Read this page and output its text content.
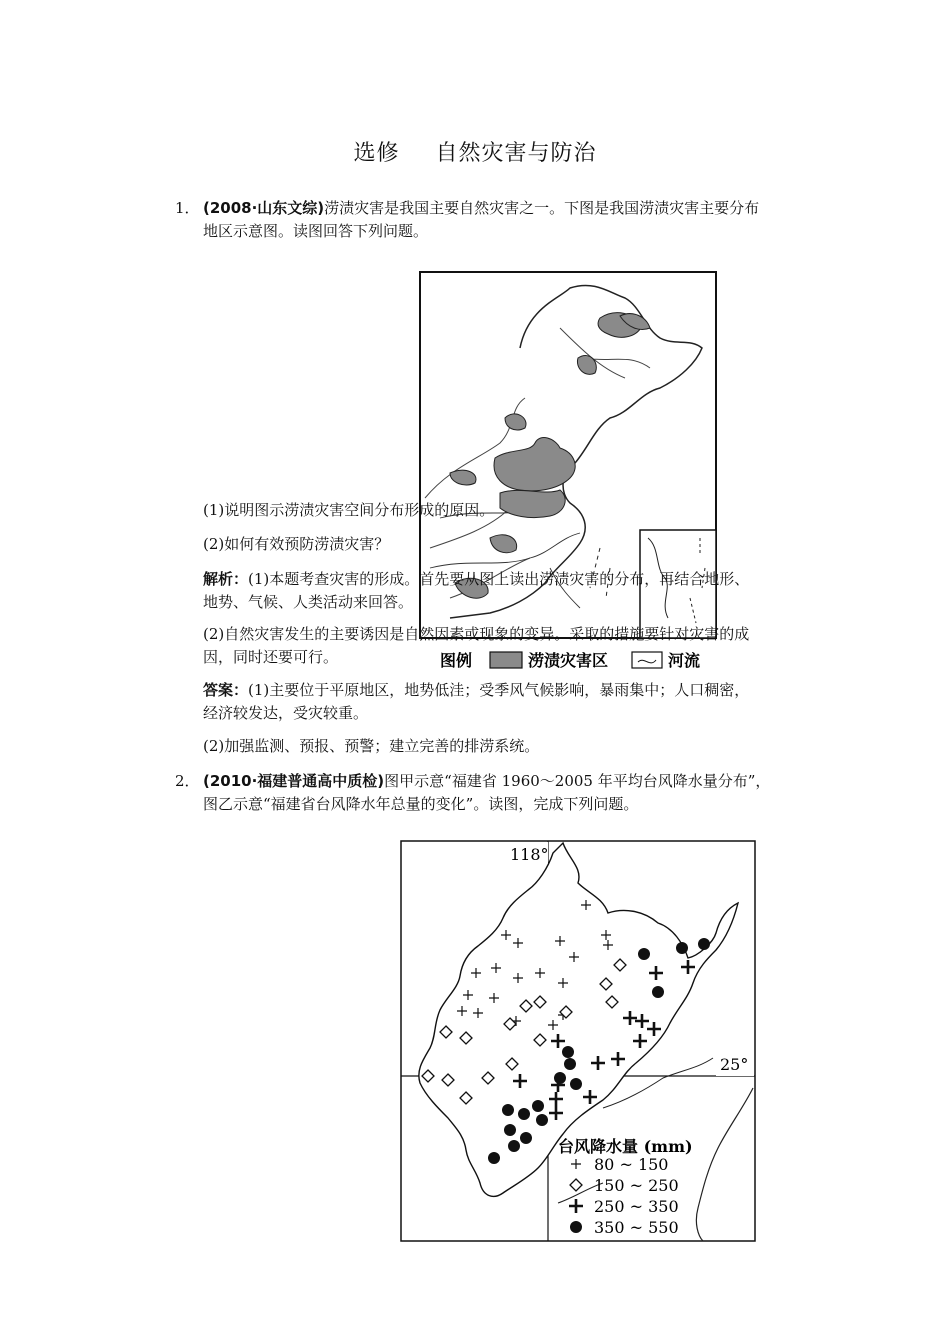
选修 自然灾害与防治
1． (2008·山东文综)涝渍灾害是我国主要自然灾害之一。下图是我国涝渍灾害主要分布
地区示意图。读图回答下列问题。
图例	涝渍灾害区	河流
(1)说明图示涝渍灾害空间分布形成的原因。
(2)如何有效预防涝渍灾害？
解析：(1)本题考查灾害的形成。首先要从图上读出涝渍灾害的分布，再结合地形、
地势、气候、人类活动来回答。
(2)自然灾害发生的主要诱因是自然因素或现象的变异。采取的措施要针对灾害的成
因，同时还要可行。
答案：(1)主要位于平原地区，地势低洼；受季风气候影响，暴雨集中；人口稠密，
经济较发达，受灾较重。
(2)加强监测、预报、预警；建立完善的排涝系统。
2． (2010·福建普通高中质检)图甲示意“福建省 1960～2005 年平均台风降水量分布”，
图乙示意“福建省台风降水年总量的变化”。读图，完成下列问题。
118°
25°
台风降水量 (mm)
80 ~ 150
150 ~ 250
250 ~ 350
350 ~ 550
